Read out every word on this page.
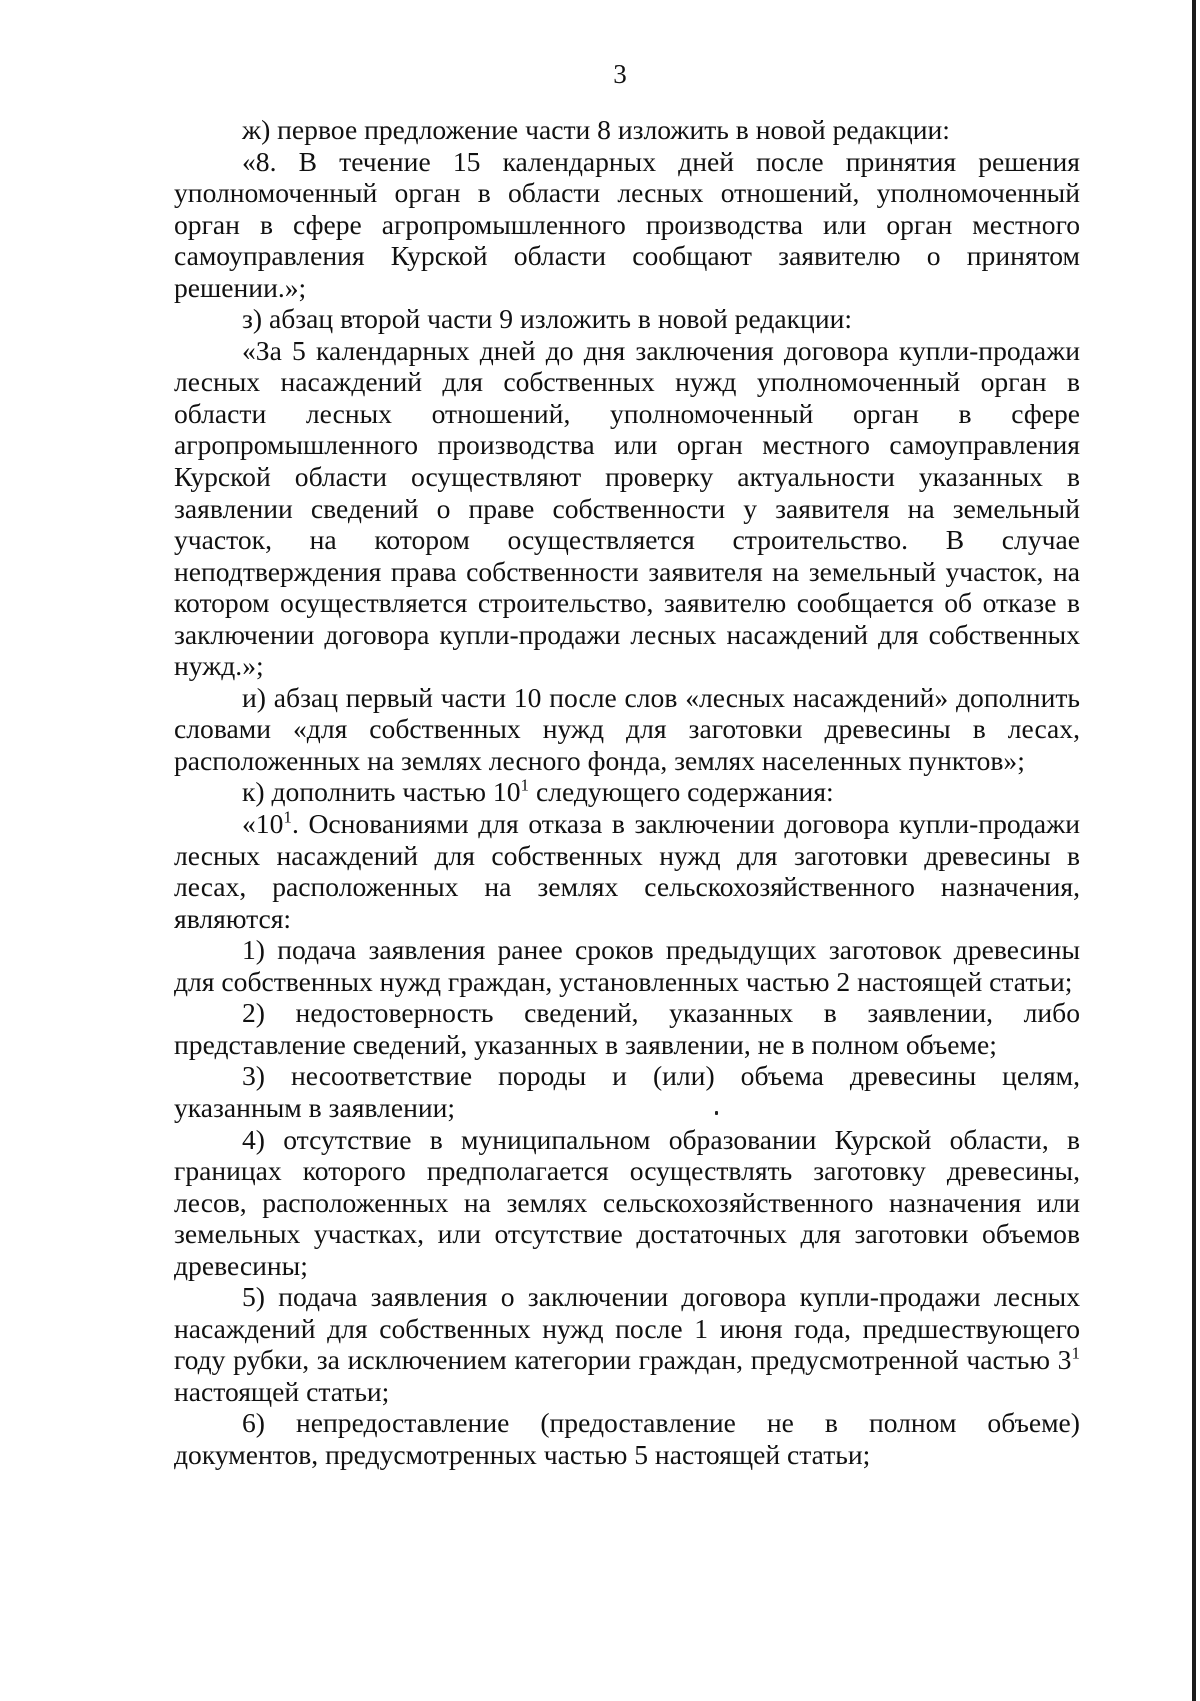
3

ж) первое предложение части 8 изложить в новой редакции:

«8. В течение 15 календарных дней после принятия решения уполномоченный орган в области лесных отношений, уполномоченный орган в сфере агропромышленного производства или орган местного самоуправления Курской области сообщают заявителю о принятом решении.»;

з) абзац второй части 9 изложить в новой редакции:

«За 5 календарных дней до дня заключения договора купли-продажи лесных насаждений для собственных нужд уполномоченный орган в области лесных отношений, уполномоченный орган в сфере агропромышленного производства или орган местного самоуправления Курской области осуществляют проверку актуальности указанных в заявлении сведений о праве собственности у заявителя на земельный участок, на котором осуществляется строительство. В случае неподтверждения права собственности заявителя на земельный участок, на котором осуществляется строительство, заявителю сообщается об отказе в заключении договора купли-продажи лесных насаждений для собственных нужд.»;

и) абзац первый части 10 после слов «лесных насаждений» дополнить словами «для собственных нужд для заготовки древесины в лесах, расположенных на землях лесного фонда, землях населенных пунктов»;

к) дополнить частью $10^1$ следующего содержания:

«$10^1$. Основаниями для отказа в заключении договора купли-продажи лесных насаждений для собственных нужд для заготовки древесины в лесах, расположенных на землях сельскохозяйственного назначения, являются:

1) подача заявления ранее сроков предыдущих заготовок древесины для собственных нужд граждан, установленных частью 2 настоящей статьи;

2) недостоверность сведений, указанных в заявлении, либо представление сведений, указанных в заявлении, не в полном объеме;

3) несоответствие породы и (или) объема древесины целям, указанным в заявлении;

4) отсутствие в муниципальном образовании Курской области, в границах которого предполагается осуществлять заготовку древесины, лесов, расположенных на землях сельскохозяйственного назначения или земельных участках, или отсутствие достаточных для заготовки объемов древесины;

5) подача заявления о заключении договора купли-продажи лесных насаждений для собственных нужд после 1 июня года, предшествующего году рубки, за исключением категории граждан, предусмотренной частью $3^1$ настоящей статьи;

6) непредоставление (предоставление не в полном объеме) документов, предусмотренных частью 5 настоящей статьи;
